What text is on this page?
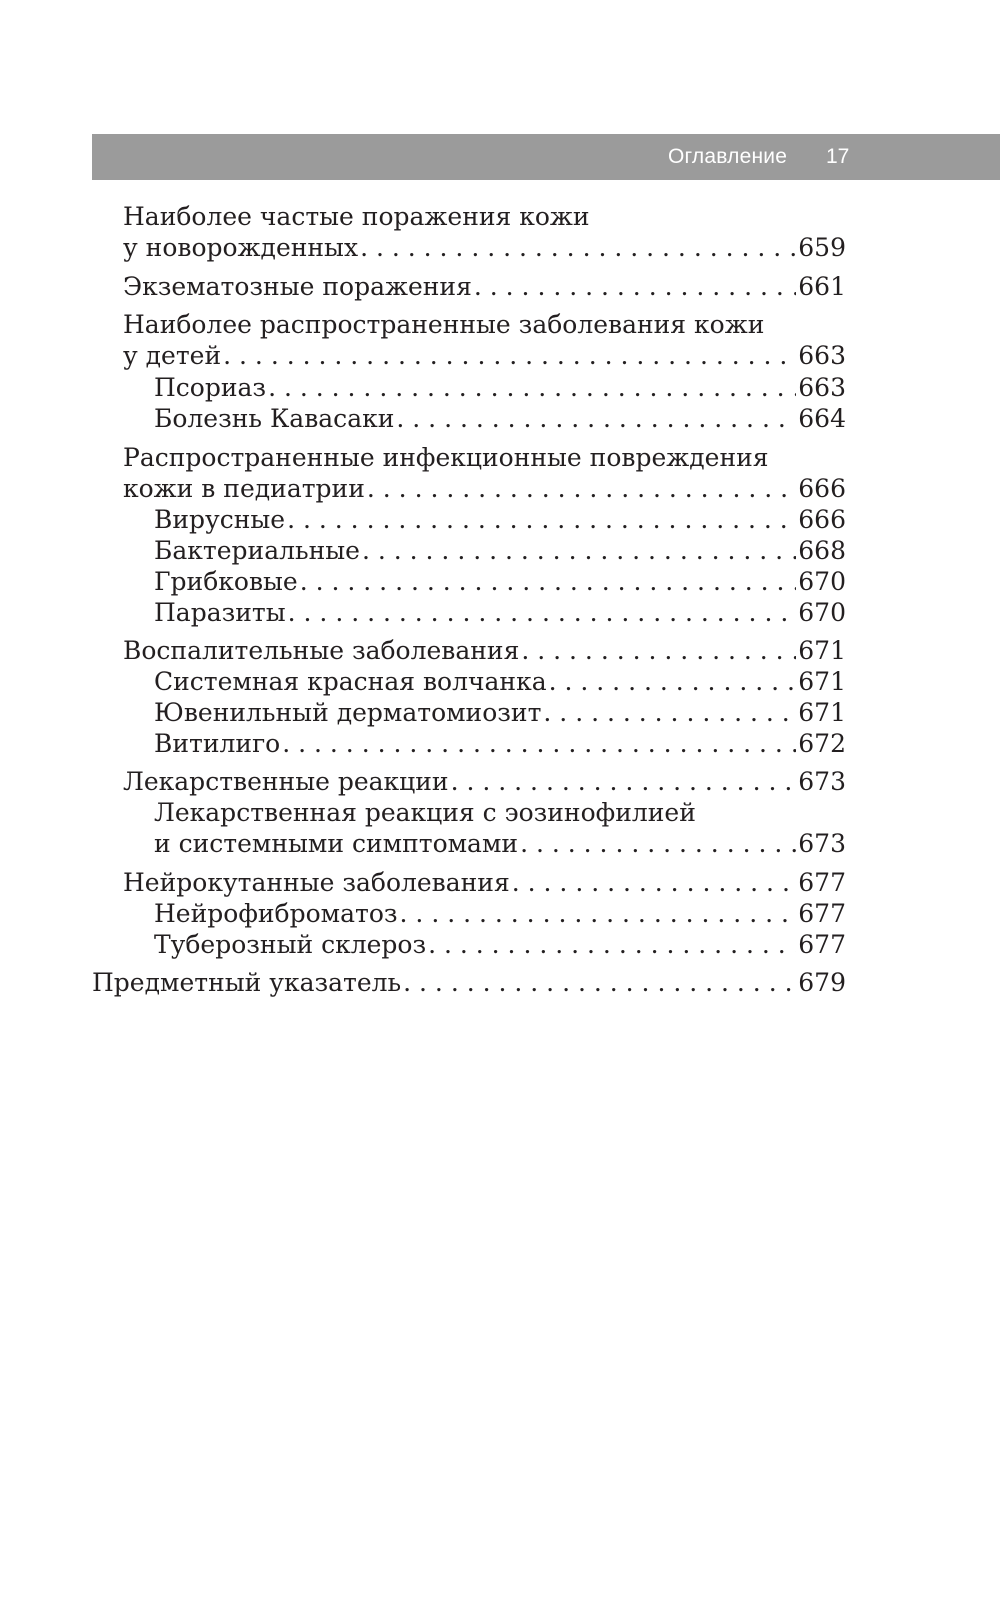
Оглавление 17
Наиболее частые поражения кожи
у новорожденных . . .	659
Экзематозные поражения . . .	661
Наиболее распространенные заболевания кожи
у детей . . .	663
Псориаз . . .	663
Болезнь Кавасаки . . .	664
Распространенные инфекционные повреждения
кожи в педиатрии . . .	666
Вирусные . . .	666
Бактериальные . . .	668
Грибковые . . .	670
Паразиты . . .	670
Воспалительные заболевания . . .	671
Системная красная волчанка . . .	671
Ювенильный дерматомиозит . . .	671
Витилиго . . .	672
Лекарственные реакции . . .	673
Лекарственная реакция с эозинофилией
и системными симптомами . . .	673
Нейрокутанные заболевания . . .	677
Нейрофиброматоз . . .	677
Туберозный склероз . . .	677
Предметный указатель . . .	679
